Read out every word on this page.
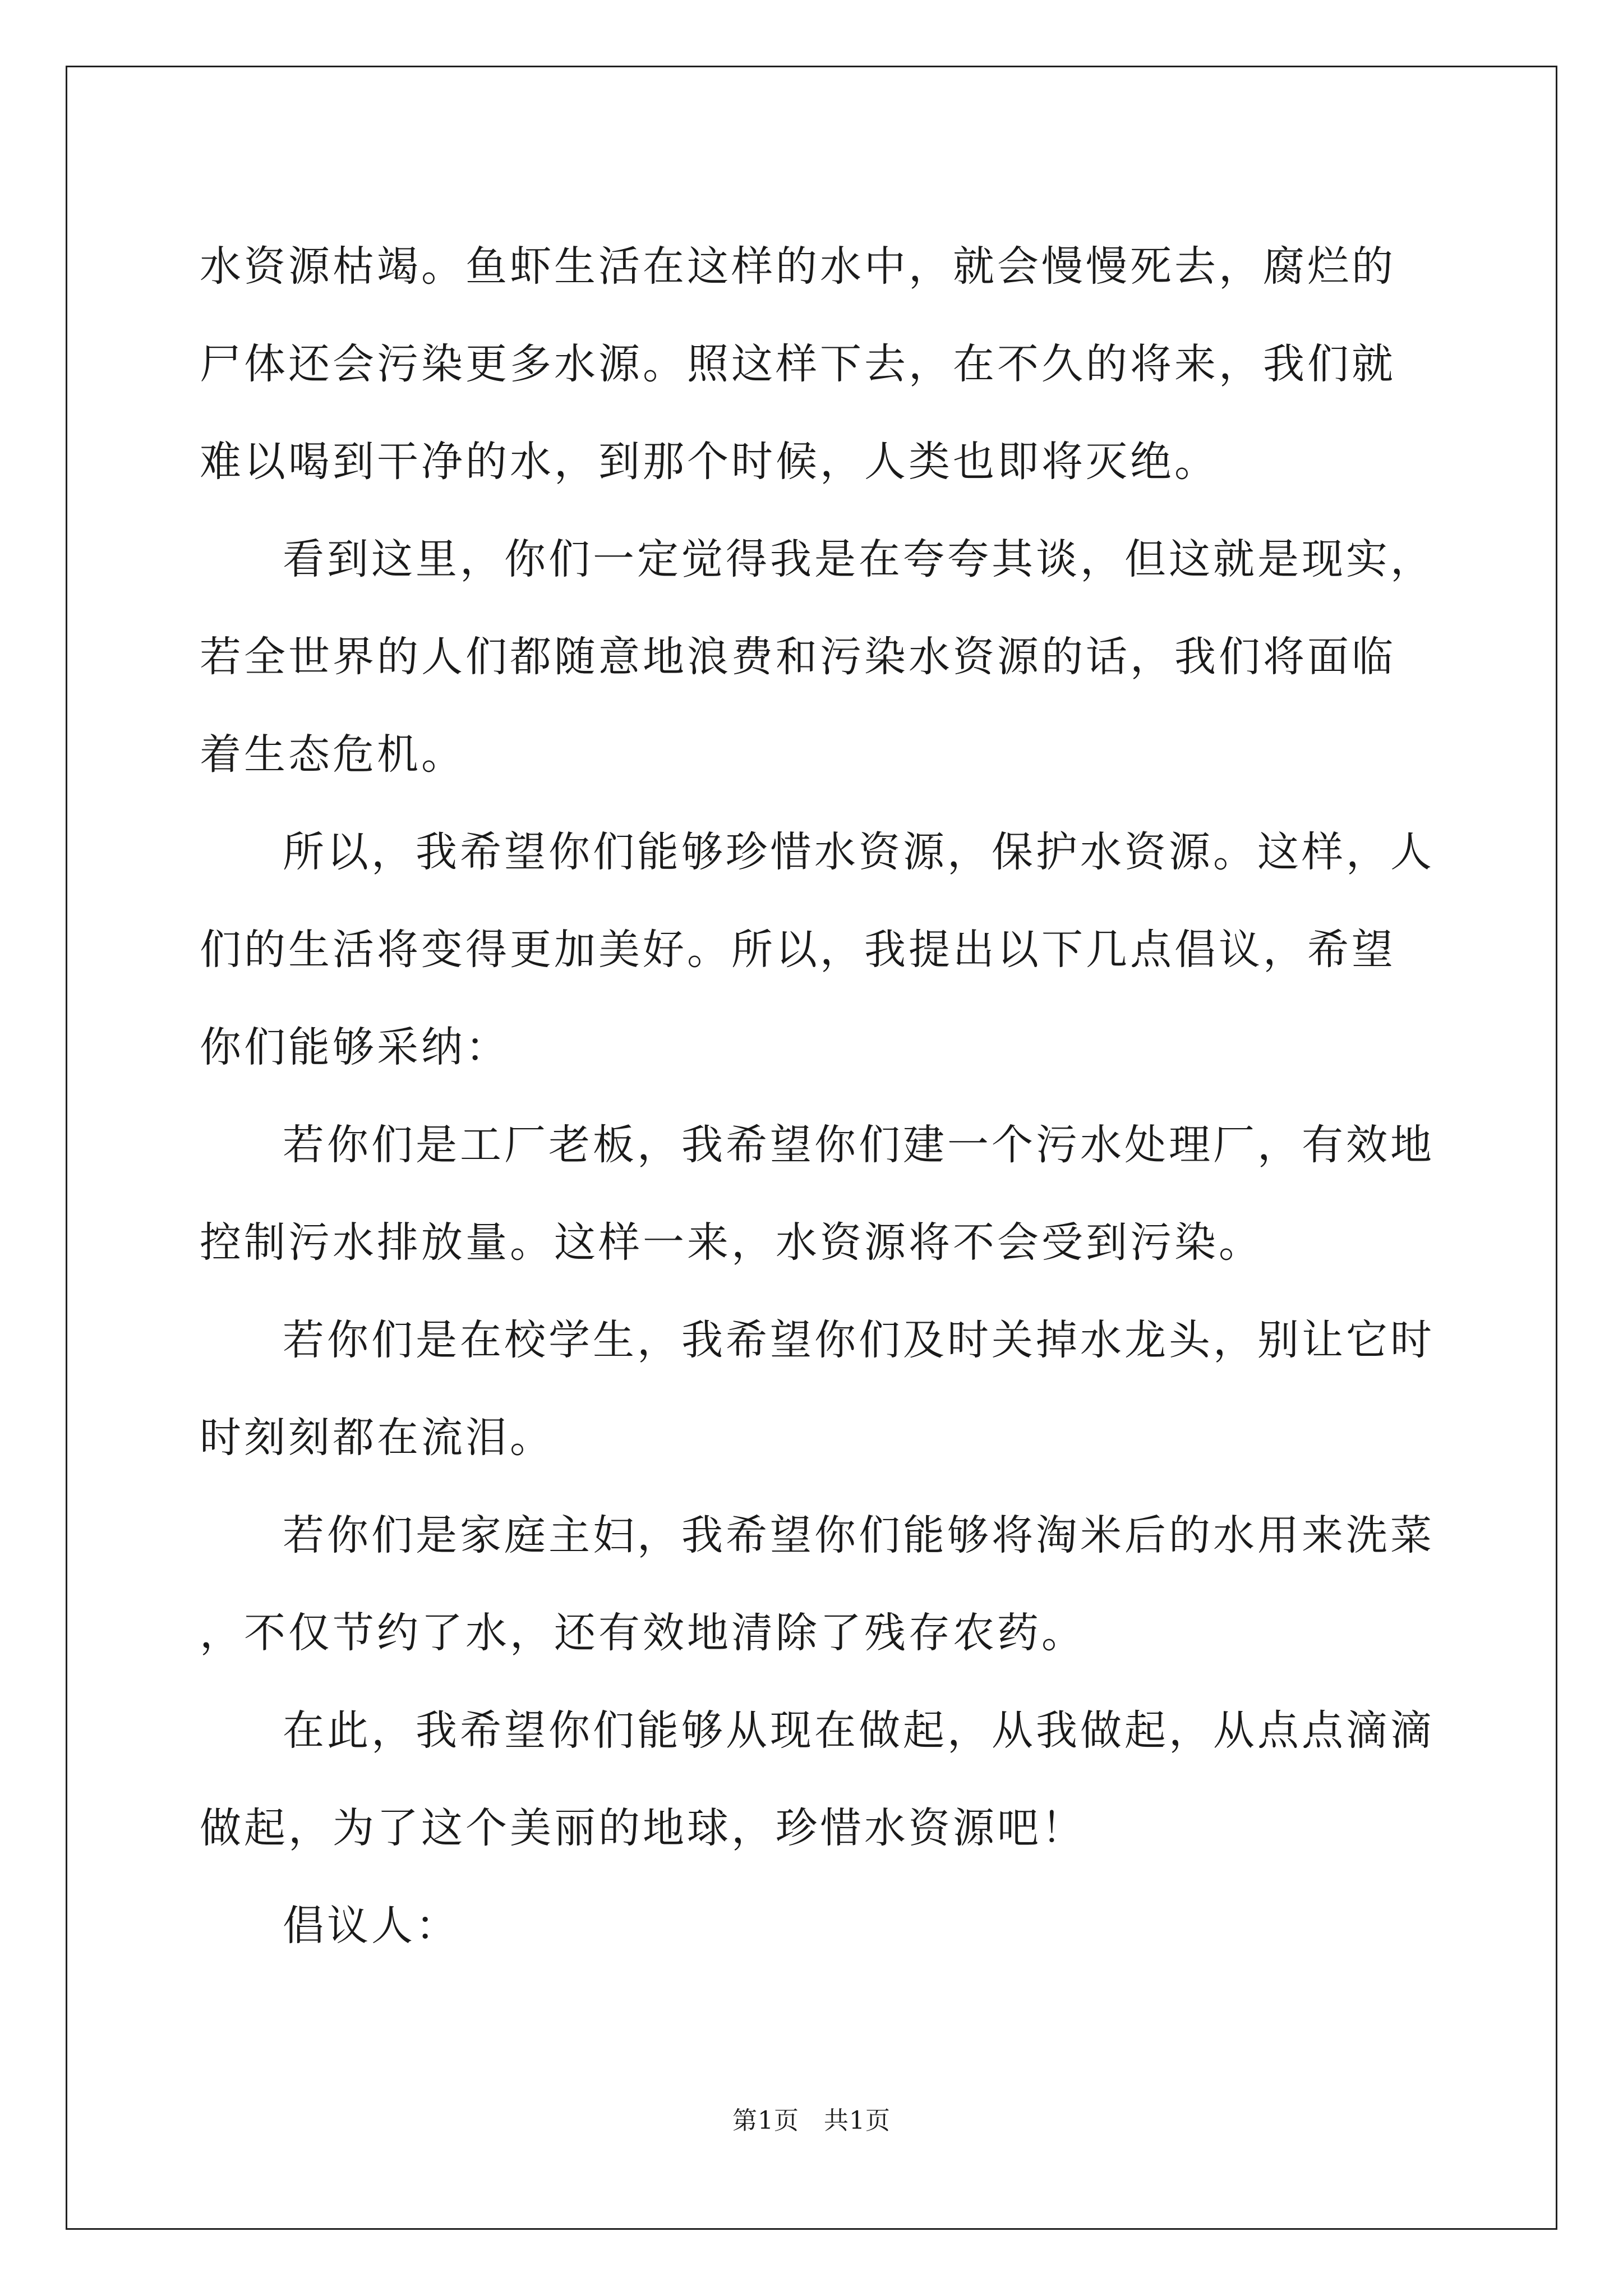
水资源枯竭。鱼虾生活在这样的水中，就会慢慢死去，腐烂的尸体还会污染更多水源。照这样下去，在不久的将来，我们就难以喝到干净的水，到那个时候，人类也即将灭绝。

看到这里，你们一定觉得我是在夸夸其谈，但这就是现实，若全世界的人们都随意地浪费和污染水资源的话，我们将面临着生态危机。

所以，我希望你们能够珍惜水资源，保护水资源。这样，人们的生活将变得更加美好。所以，我提出以下几点倡议，希望你们能够采纳：

若你们是工厂老板，我希望你们建一个污水处理厂，有效地控制污水排放量。这样一来，水资源将不会受到污染。

若你们是在校学生，我希望你们及时关掉水龙头，别让它时时刻刻都在流泪。

若你们是家庭主妇，我希望你们能够将淘米后的水用来洗菜，不仅节约了水，还有效地清除了残存农药。

在此，我希望你们能够从现在做起，从我做起，从点点滴滴做起，为了这个美丽的地球，珍惜水资源吧！

倡议人：

第1页 共1页
